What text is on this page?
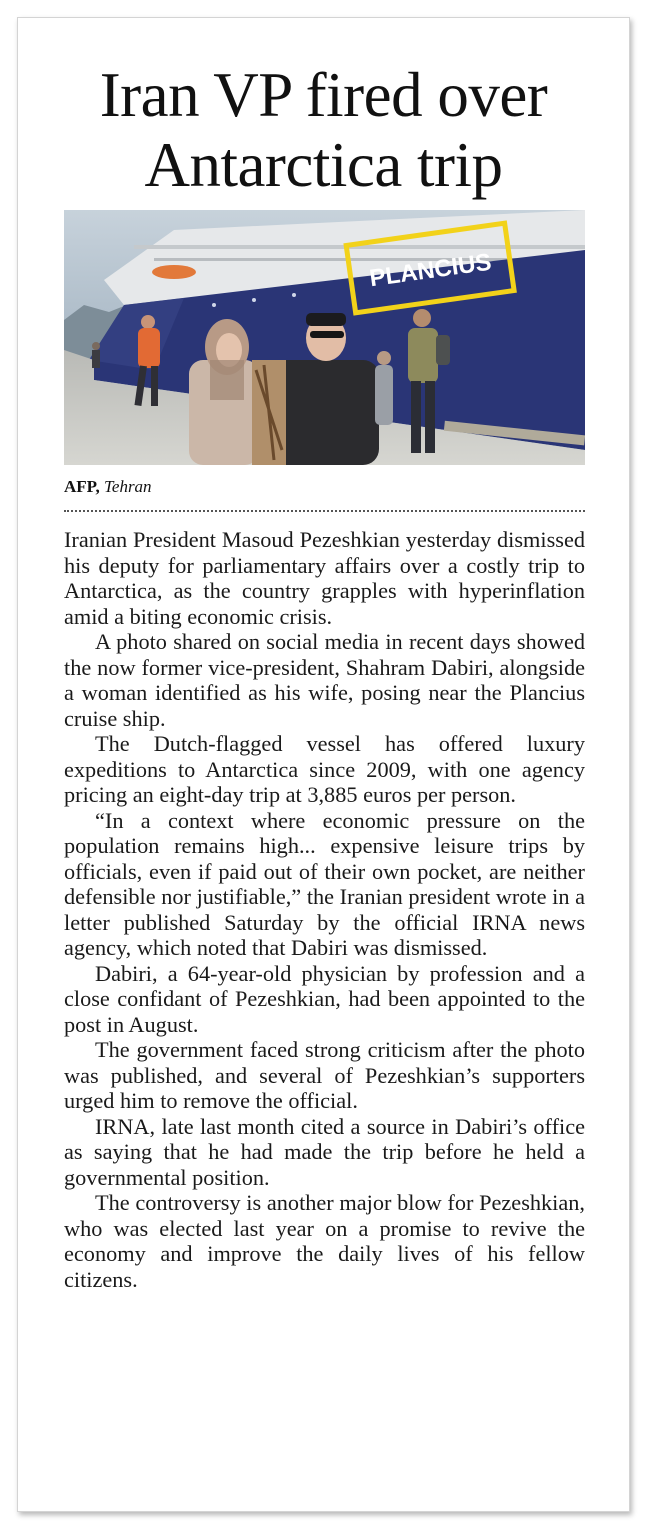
Iran VP fired over
Antarctica trip
PLANCIUS
AFP, Tehran

Iranian President Masoud Pezeshkian yesterday dismissed his deputy for parliamentary affairs over a costly trip to Antarctica, as the country grapples with hyperinflation amid a biting economic crisis.

A photo shared on social media in recent days showed the now former vice-president, Shahram Dabiri, alongside a woman identified as his wife, posing near the Plancius cruise ship.

The Dutch-flagged vessel has offered luxury expeditions to Antarctica since 2009, with one agency pricing an eight-day trip at 3,885 euros per person.

“In a context where economic pressure on the population remains high... expensive leisure trips by officials, even if paid out of their own pocket, are neither defensible nor justifiable,” the Iranian president wrote in a letter published Saturday by the official IRNA news agency, which noted that Dabiri was dismissed.

Dabiri, a 64-year-old physician by profession and a close confidant of Pezeshkian, had been appointed to the post in August.

The government faced strong criticism after the photo was published, and several of Pezeshkian’s supporters urged him to remove the official.

IRNA, late last month cited a source in Dabiri’s office as saying that he had made the trip before he held a governmental position.

The controversy is another major blow for Pezeshkian, who was elected last year on a promise to revive the economy and improve the daily lives of his fellow citizens.
